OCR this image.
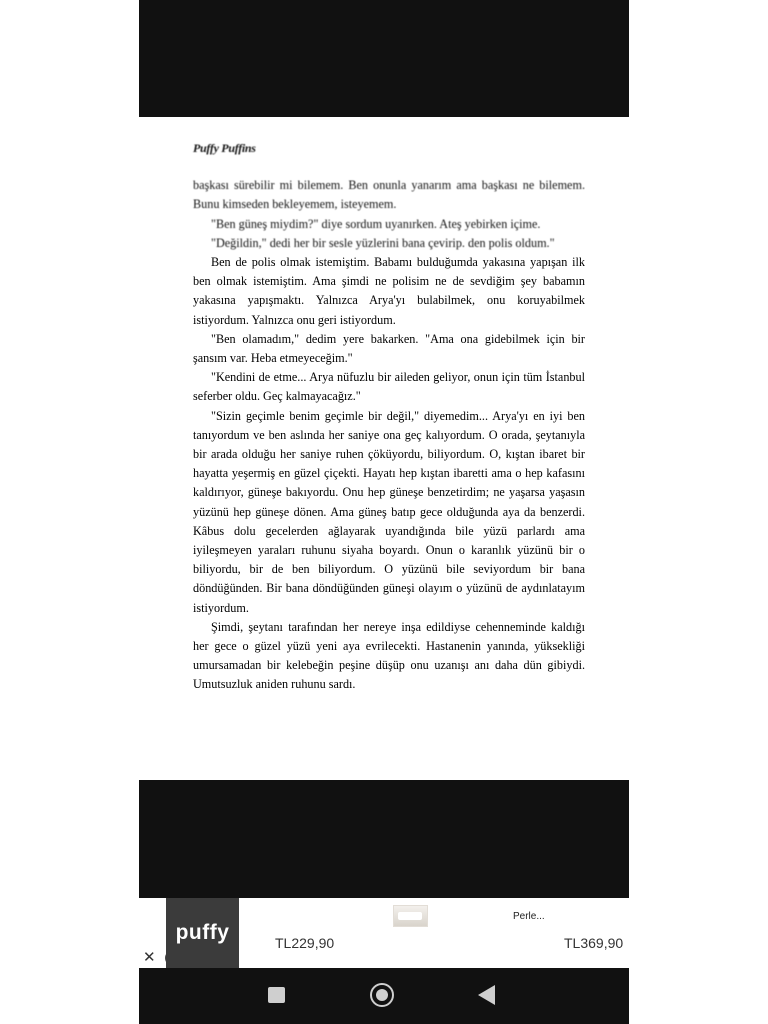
Puffy Puffins

başkası sürebilir mi bilemem. Ben onunla yanarım ama başkası ne bilemem. Bunu kimseden bekleyemem, isteyemem.

"Ben güneş miydim?" diye sordum uyanırken. Ateş yebirken içime.

"Değildin," dedi her bir sesle yüzlerini bana çevirip. den polis oldum."

Ben de polis olmak istemiştim. Babamı bulduğumda yakasına yapışan ilk ben olmak istemiştim. Ama şimdi ne polisim ne de sevdiğim şey babamın yakasına yapışmaktı. Yalnızca Arya'yı bulabilmek, onu koruyabilmek istiyordum. Yalnızca onu geri istiyordum.

"Ben olamadım," dedim yere bakarken. "Ama ona gidebilmek için bir şansım var. Heba etmeyeceğim."

"Kendini de etme... Arya nüfuzlu bir aileden geliyor, onun için tüm İstanbul seferber oldu. Geç kalmayacağız."

"Sizin geçimle benim geçimle bir değil," diyemedim... Arya'yı en iyi ben tanıyordum ve ben aslında her saniye ona geç kalıyordum. O orada, şeytanıyla bir arada olduğu her saniye ruhen çöküyordu, biliyordum. O, kıştan ibaret bir hayatta yeşermiş en güzel çiçekti. Hayatı hep kıştan ibaretti ama o hep kafasını kaldırıyor, güneşe bakıyordu. Onu hep güneşe benzetirdim; ne yaşarsa yaşasın yüzünü hep güneşe dönen. Ama güneş batıp gece olduğunda aya da benzerdi. Kâbus dolu gecelerden ağlayarak uyandığında bile yüzü parlardı ama iyileşmeyen yaraları ruhunu siyaha boyardı. Onun o karanlık yüzünü bir o biliyordu, bir de ben biliyordum. O yüzünü bile seviyordum bir bana döndüğünden. Bir bana döndüğünden güneşi olayım o yüzünü de aydınlatayım istiyordum.

Şimdi, şeytanı tarafından her nereye inşa edildiyse cehenneminde kaldığı her gece o güzel yüzü yeni aya evrilecekti. Hastanenin yanında, yüksekliği umursamadan bir kelebeğin peşine düşüp onu uzanışı anı daha dün gibiydi. Umutsuzluk aniden ruhunu sardı.

✕
puffy	TL229,90
Perle...
TL369,90
